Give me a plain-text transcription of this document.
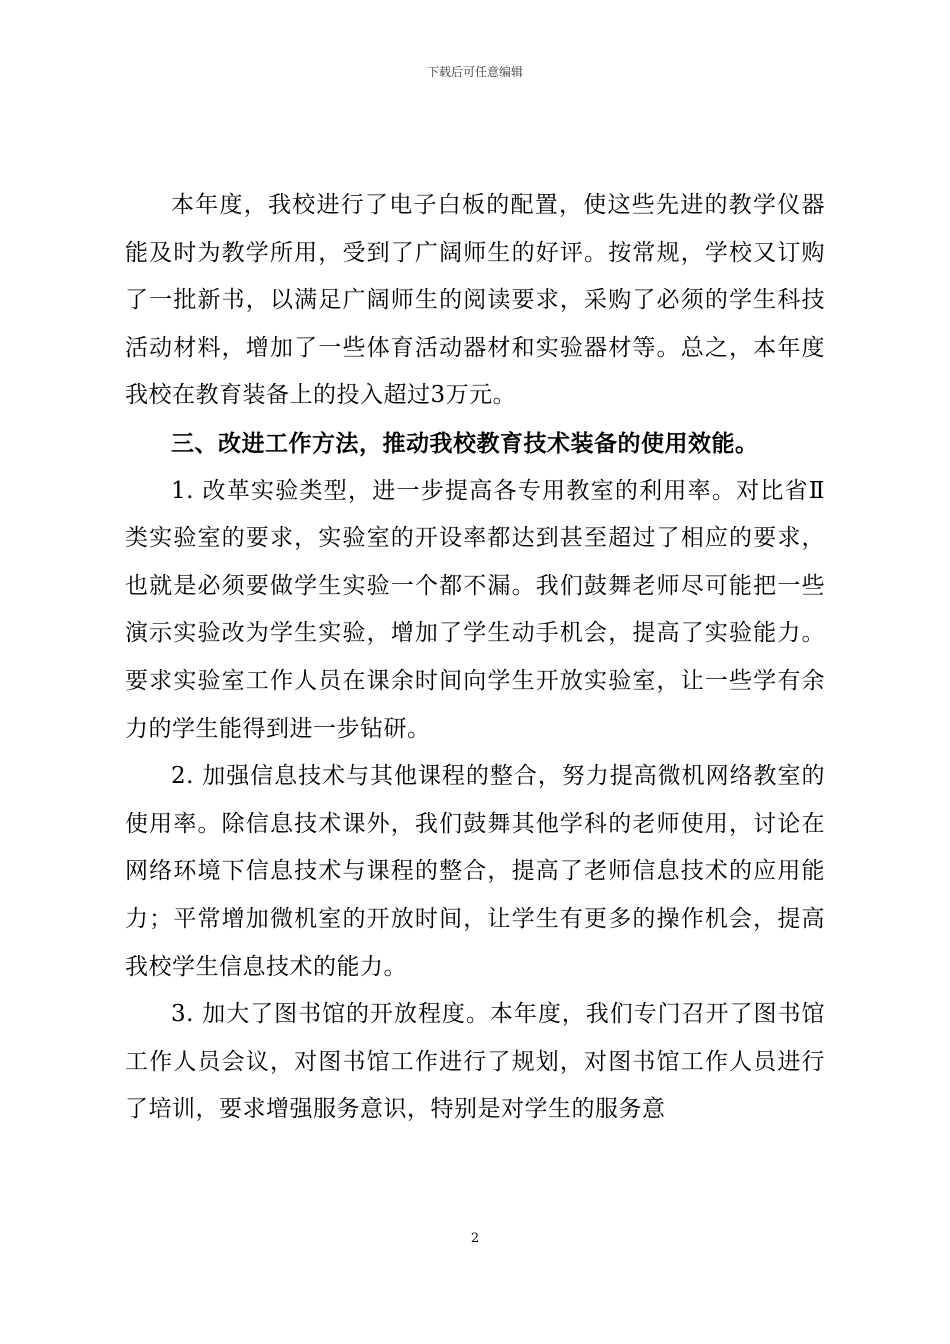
下载后可任意编辑

本年度，我校进行了电子白板的配置，使这些先进的教学仪器能及时为教学所用，受到了广阔师生的好评。按常规，学校又订购了一批新书，以满足广阔师生的阅读要求，采购了必须的学生科技活动材料，增加了一些体育活动器材和实验器材等。总之，本年度我校在教育装备上的投入超过3万元。

三、改进工作方法，推动我校教育技术装备的使用效能。

1. 改革实验类型，进一步提高各专用教室的利用率。对比省Ⅱ类实验室的要求，实验室的开设率都达到甚至超过了相应的要求，也就是必须要做学生实验一个都不漏。我们鼓舞老师尽可能把一些演示实验改为学生实验，增加了学生动手机会，提高了实验能力。要求实验室工作人员在课余时间向学生开放实验室，让一些学有余力的学生能得到进一步钻研。

2. 加强信息技术与其他课程的整合，努力提高微机网络教室的使用率。除信息技术课外，我们鼓舞其他学科的老师使用，讨论在网络环境下信息技术与课程的整合，提高了老师信息技术的应用能力；平常增加微机室的开放时间，让学生有更多的操作机会，提高我校学生信息技术的能力。

3. 加大了图书馆的开放程度。本年度，我们专门召开了图书馆工作人员会议，对图书馆工作进行了规划，对图书馆工作人员进行了培训，要求增强服务意识，特别是对学生的服务意

2
